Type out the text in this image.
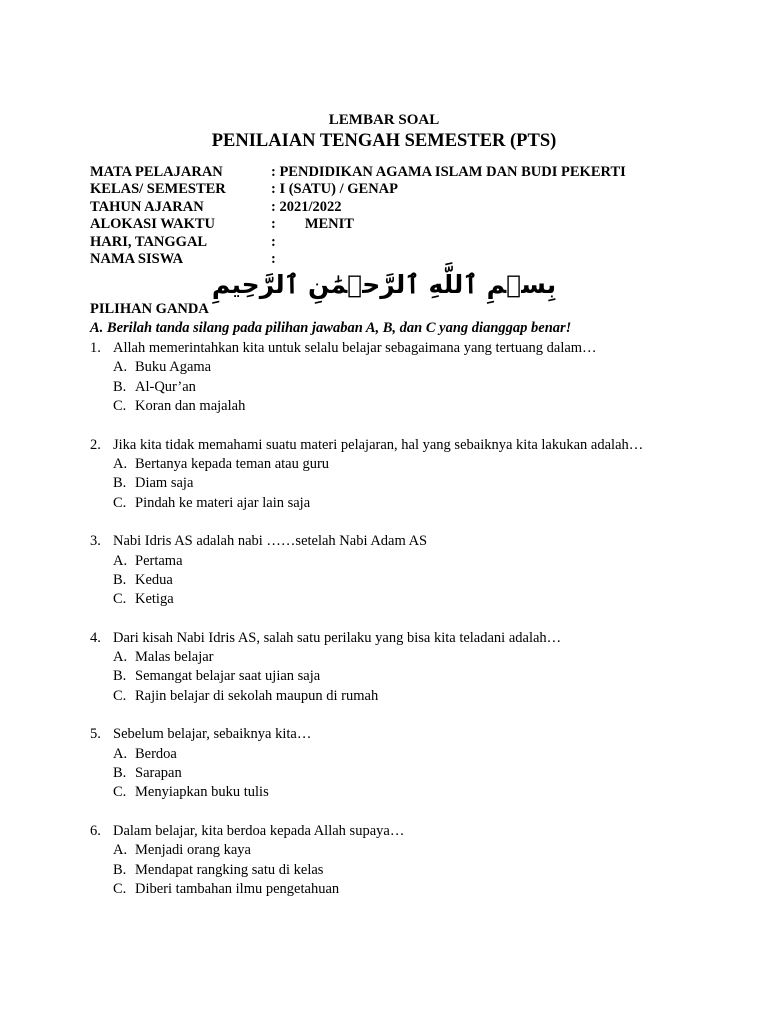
LEMBAR SOAL
PENILAIAN TENGAH SEMESTER (PTS)
MATA PELAJARAN	: PENDIDIKAN AGAMA ISLAM DAN BUDI PEKERTI
KELAS/ SEMESTER	: I (SATU) / GENAP
TAHUN AJARAN	: 2021/2022
ALOKASI WAKTU	:        MENIT
HARI, TANGGAL	:
NAMA SISWA	:
بِسۡمِ ٱللَّهِ ٱلرَّحۡمَٰنِ ٱلرَّحِيمِ
PILIHAN GANDA
A. Berilah tanda silang pada pilihan jawaban A, B, dan C yang dianggap benar!
1. Allah memerintahkan kita untuk selalu belajar sebagaimana yang tertuang dalam…
A. Buku Agama
B. Al-Qur’an
C. Koran dan majalah
2. Jika kita tidak memahami suatu materi pelajaran, hal yang sebaiknya kita lakukan adalah…
A. Bertanya kepada teman atau guru
B. Diam saja
C. Pindah ke materi ajar lain saja
3. Nabi Idris AS adalah nabi ……setelah Nabi Adam AS
A. Pertama
B. Kedua
C. Ketiga
4. Dari kisah Nabi Idris AS, salah satu perilaku yang bisa kita teladani adalah…
A. Malas belajar
B. Semangat belajar saat ujian saja
C. Rajin belajar di sekolah maupun di rumah
5. Sebelum belajar, sebaiknya kita…
A. Berdoa
B. Sarapan
C. Menyiapkan buku tulis
6. Dalam belajar, kita berdoa kepada Allah supaya…
A. Menjadi orang kaya
B. Mendapat rangking satu di kelas
C. Diberi tambahan ilmu pengetahuan
